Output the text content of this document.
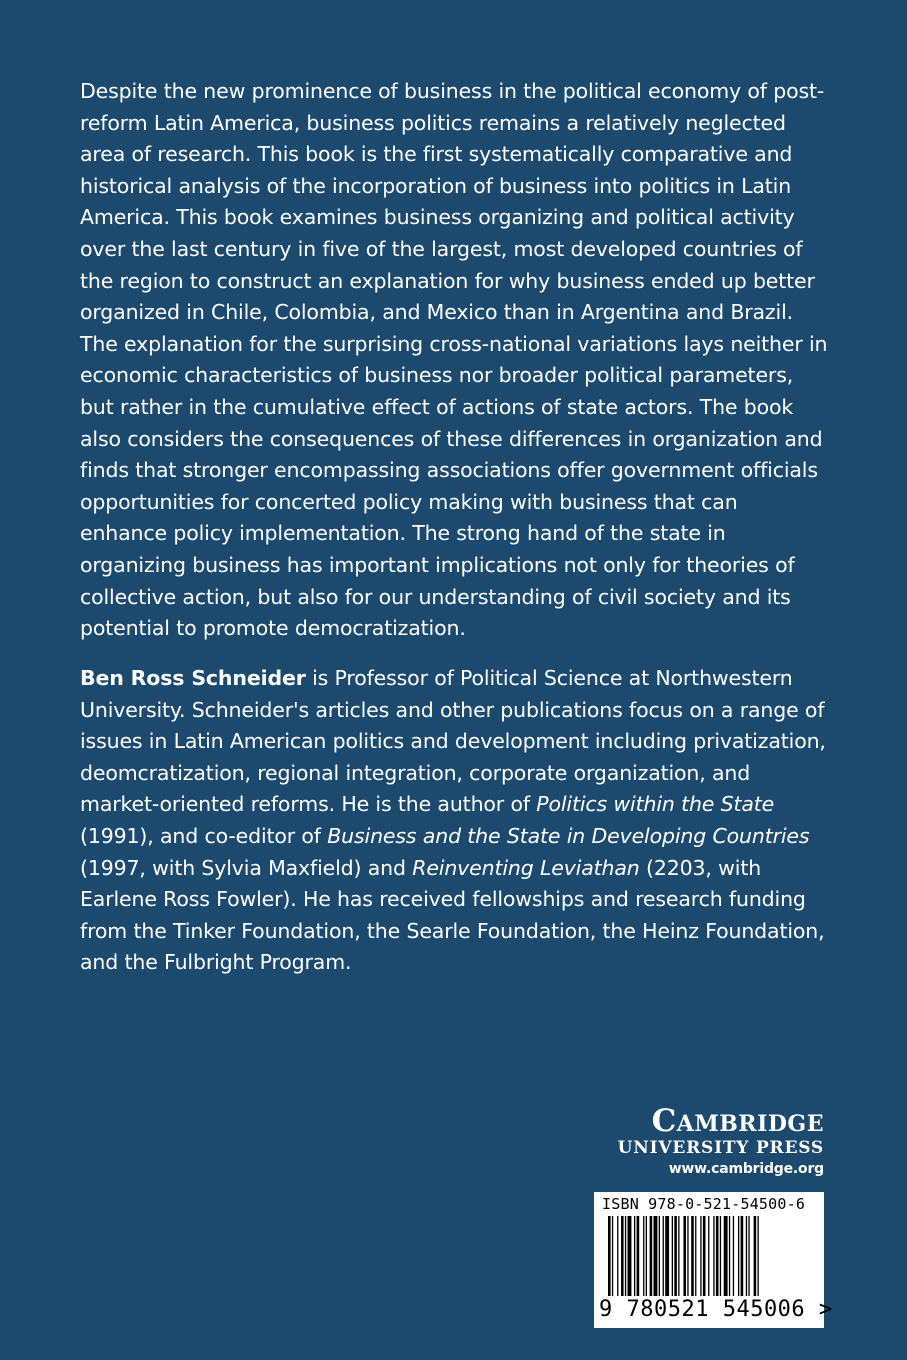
Despite the new prominence of business in the political economy of post-reform Latin America, business politics remains a relatively neglected area of research. This book is the first systematically comparative and historical analysis of the incorporation of business into politics in Latin America. This book examines business organizing and political activity over the last century in five of the largest, most developed countries of the region to construct an explanation for why business ended up better organized in Chile, Colombia, and Mexico than in Argentina and Brazil. The explanation for the surprising cross-national variations lays neither in economic characteristics of business nor broader political parameters, but rather in the cumulative effect of actions of state actors. The book also considers the consequences of these differences in organization and finds that stronger encompassing associations offer government officials opportunities for concerted policy making with business that can enhance policy implementation. The strong hand of the state in organizing business has important implications not only for theories of collective action, but also for our understanding of civil society and its potential to promote democratization.

Ben Ross Schneider is Professor of Political Science at Northwestern University. Schneider's articles and other publications focus on a range of issues in Latin American politics and development including privatization, deomcratization, regional integration, corporate organization, and market-oriented reforms. He is the author of Politics within the State (1991), and co-editor of Business and the State in Developing Countries (1997, with Sylvia Maxfield) and Reinventing Leviathan (2203, with Earlene Ross Fowler). He has received fellowships and research funding from the Tinker Foundation, the Searle Foundation, the Heinz Foundation, and the Fulbright Program.

Cambridge
UNIVERSITY PRESS
www.cambridge.org
ISBN 978-0-521-54500-6
9 780521 545006 >
